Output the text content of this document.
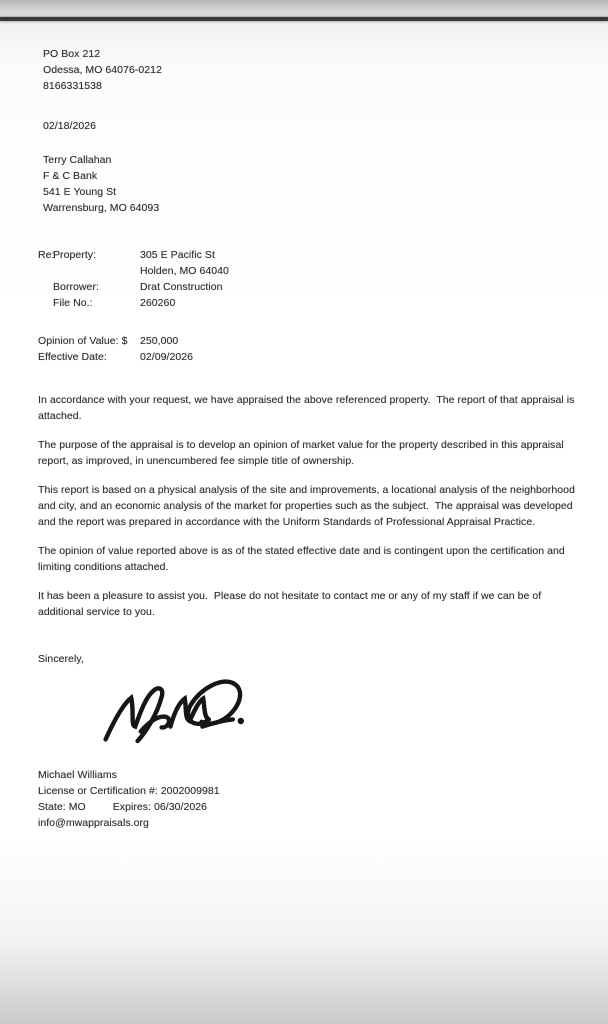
PO Box 212
Odessa, MO 64076-0212
8166331538
02/18/2026
Terry Callahan
F & C Bank
541 E Young St
Warrensburg, MO 64093
Re:
Property:	305 E Pacific St
Holden, MO 64040
Borrower:	Drat Construction
File No.:	260260
Opinion of Value: $	250,000
Effective Date:	02/09/2026

In accordance with your request, we have appraised the above referenced property.  The report of that appraisal is attached.

The purpose of the appraisal is to develop an opinion of market value for the property described in this appraisal report, as improved, in unencumbered fee simple title of ownership.

This report is based on a physical analysis of the site and improvements, a locational analysis of the neighborhood and city, and an economic analysis of the market for properties such as the subject.  The appraisal was developed and the report was prepared in accordance with the Uniform Standards of Professional Appraisal Practice.

The opinion of value reported above is as of the stated effective date and is contingent upon the certification and limiting conditions attached.

It has been a pleasure to assist you.  Please do not hesitate to contact me or any of my staff if we can be of additional service to you.

Sincerely,
Michael Williams
License or Certification #: 2002009981
State: MO	Expires: 06/30/2026
info@mwappraisals.org
